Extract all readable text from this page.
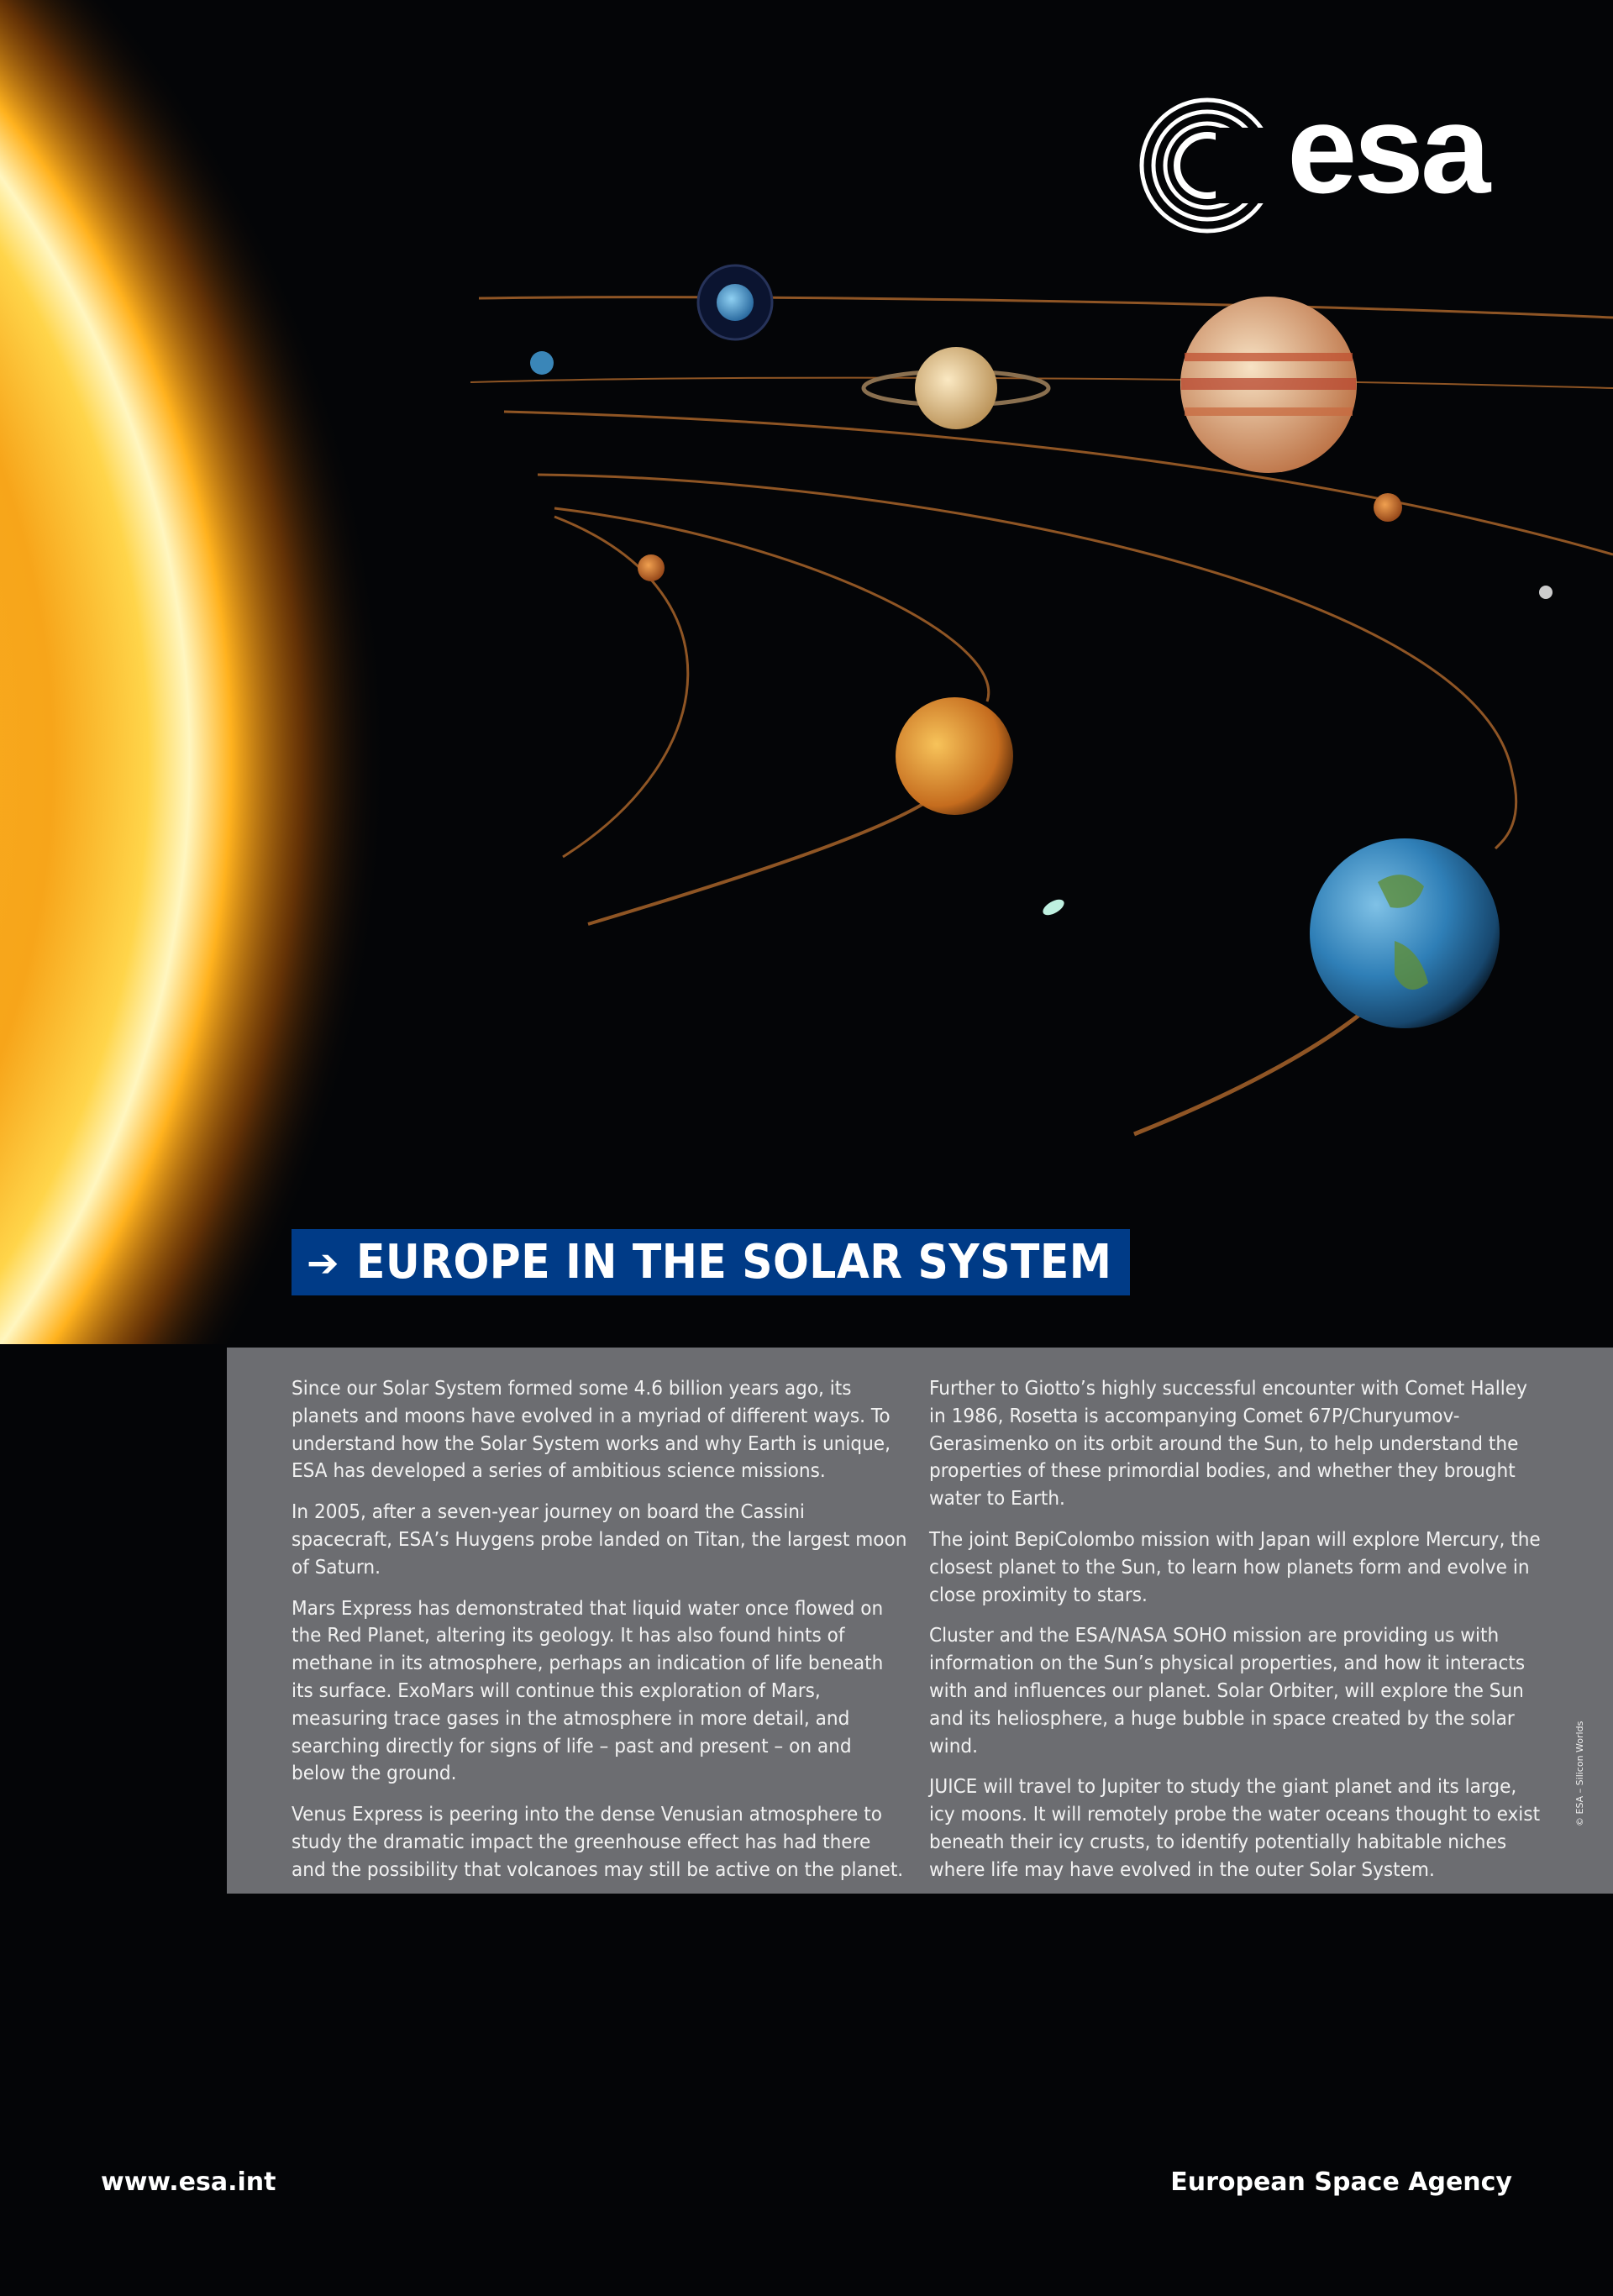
esa
➔ EUROPE IN THE SOLAR SYSTEM

Since our Solar System formed some 4.6 billion years ago, its planets and moons have evolved in a myriad of different ways. To understand how the Solar System works and why Earth is unique, ESA has developed a series of ambitious science missions.

In 2005, after a seven-year journey on board the Cassini spacecraft, ESA’s Huygens probe landed on Titan, the largest moon of Saturn.

Mars Express has demonstrated that liquid water once flowed on the Red Planet, altering its geology. It has also found hints of methane in its atmosphere, perhaps an indication of life beneath its surface. ExoMars will continue this exploration of Mars, measuring trace gases in the atmosphere in more detail, and searching directly for signs of life – past and present – on and below the ground.

Venus Express is peering into the dense Venusian atmosphere to study the dramatic impact the greenhouse effect has had there and the possibility that volcanoes may still be active on the planet.

Further to Giotto’s highly successful encounter with Comet Halley in 1986, Rosetta is accompanying Comet 67P/Churyumov-Gerasimenko on its orbit around the Sun, to help understand the properties of these primordial bodies, and whether they brought water to Earth.

The joint BepiColombo mission with Japan will explore Mercury, the closest planet to the Sun, to learn how planets form and evolve in close proximity to stars.

Cluster and the ESA/NASA SOHO mission are providing us with information on the Sun’s physical properties, and how it interacts with and influences our planet. Solar Orbiter, will explore the Sun and its heliosphere, a huge bubble in space created by the solar wind.

JUICE will travel to Jupiter to study the giant planet and its large, icy moons. It will remotely probe the water oceans thought to exist beneath their icy crusts, to identify potentially habitable niches where life may have evolved in the outer Solar System.

© ESA – Silicon Worlds
www.esa.int	European Space Agency
